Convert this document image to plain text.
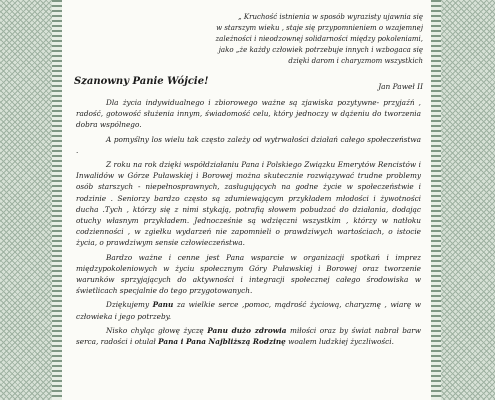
„ Kruchość istnienia w sposób wyrazisty ujawnia się
w starszym wieku , staje się przypomnieniem o wzajemnej
zależności i nieodzownej solidarności między pokoleniami,
jako „że każdy człowiek potrzebuje innych i wzbogaca się
dzięki darom i charyzmom wszystkich
Jan Paweł II
Szanowny Panie Wójcie!

Dla życia indywidualnego i zbiorowego ważne są zjawiska pozytywne- przyjaźń , radość, gotowość służenia innym, świadomość celu, który jednoczy w dążeniu do tworzenia dobra wspólnego.

A pomyślny los wielu tak często zależy od wytrwałości działań całego społeczeństwa .

Z roku na rok dzięki współdziałaniu Pana i Polskiego Związku Emerytów Rencistów i Inwalidów w Górze Puławskiej i Borowej można skutecznie rozwiązywać trudne problemy osób starszych - niepełnosprawnych, zasługujących na godne życie w społeczeństwie i rodzinie . Seniorzy bardzo często są zdumiewającym przykładem młodości i żywotności ducha .Tych , którzy się z nimi stykają, potrafią słowem pobudzać do działania, dodając otuchy własnym przykładem. Jednocześnie są wdzięczni wszystkim , którzy w natłoku codzienności , w zgiełku wydarzeń nie zapomnieli o prawdziwych wartościach, o istocie życia, o prawdziwym sensie człowieczeństwa.

Bardzo ważne i cenne jest Pana wsparcie w organizacji spotkań i imprez międzypokoleniowych w życiu społecznym Góry Puławskiej i Borowej oraz tworzenie warunków sprzyjających do aktywności i integracji społecznej całego środowiska w świetlicach specjalnie do tego przygotowanych.

Dziękujemy Panu za wielkie serce ,pomoc, mądrość życiową, charyzmę , wiarę w człowieka i jego potrzeby.

Nisko chyląc głowę życzę Panu dużo zdrowia miłości oraz by świat nabrał barw serca, radości i otulał Pana i Pana Najbliższą Rodzinę woalem ludzkiej życzliwości.
